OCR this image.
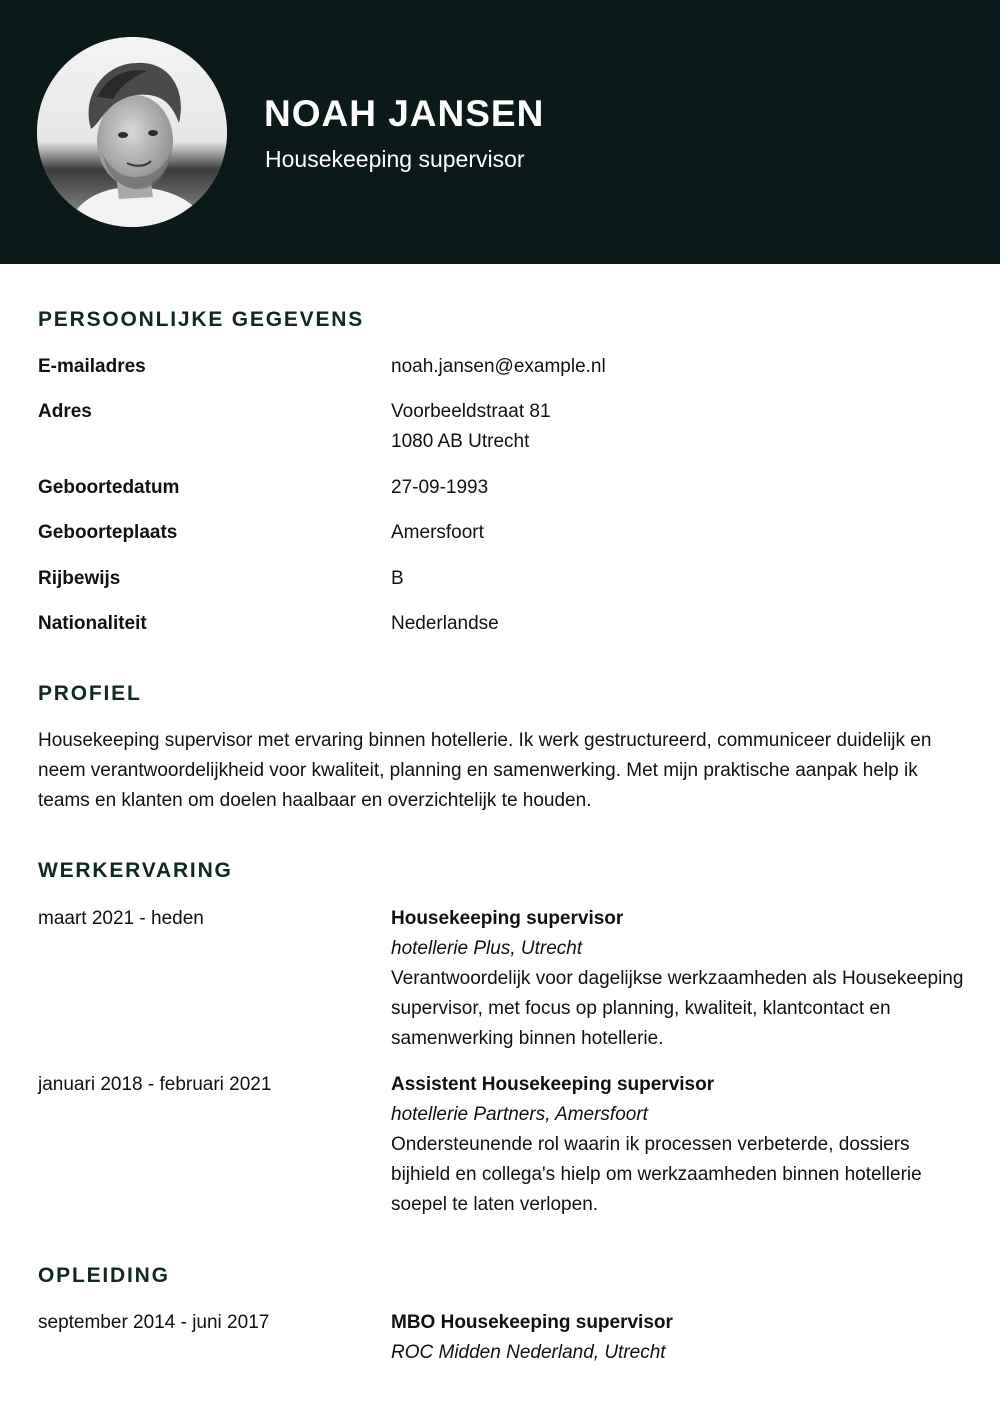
NOAH JANSEN
Housekeeping supervisor
PERSOONLIJKE GEGEVENS
E-mailadres	noah.jansen@example.nl
Adres	Voorbeeldstraat 81
1080 AB Utrecht
Geboortedatum	27-09-1993
Geboorteplaats	Amersfoort
Rijbewijs	B
Nationaliteit	Nederlandse
PROFIEL
Housekeeping supervisor met ervaring binnen hotellerie. Ik werk gestructureerd, communiceer duidelijk en neem verantwoordelijkheid voor kwaliteit, planning en samenwerking. Met mijn praktische aanpak help ik teams en klanten om doelen haalbaar en overzichtelijk te houden.
WERKERVARING
maart 2021 - heden	Housekeeping supervisor
hotellerie Plus, Utrecht
Verantwoordelijk voor dagelijkse werkzaamheden als Housekeeping supervisor, met focus op planning, kwaliteit, klantcontact en samenwerking binnen hotellerie.
januari 2018 - februari 2021	Assistent Housekeeping supervisor
hotellerie Partners, Amersfoort
Ondersteunende rol waarin ik processen verbeterde, dossiers bijhield en collega's hielp om werkzaamheden binnen hotellerie soepel te laten verlopen.
OPLEIDING
september 2014 - juni 2017	MBO Housekeeping supervisor
ROC Midden Nederland, Utrecht
